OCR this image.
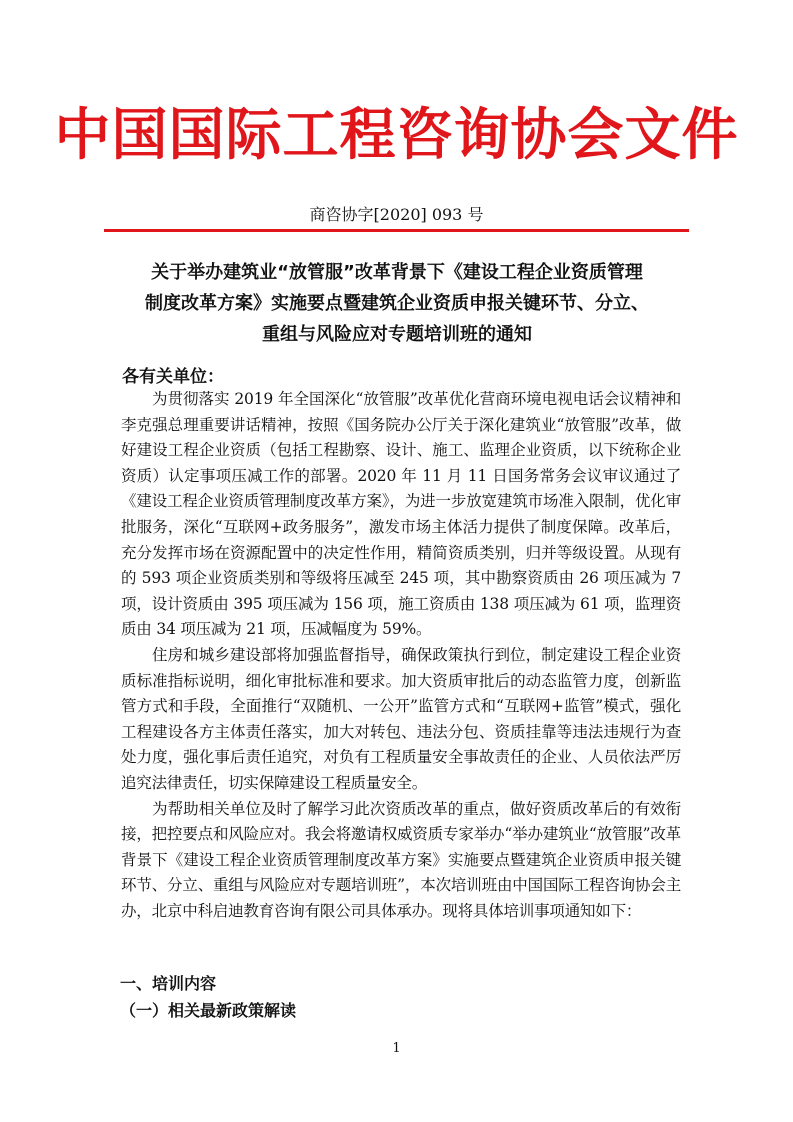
中国国际工程咨询协会文件
商咨协字[2020] 093 号
关于举办建筑业“放管服”改革背景下《建设工程企业资质管理
制度改革方案》实施要点暨建筑企业资质申报关键环节、分立、
重组与风险应对专题培训班的通知
各有关单位：

为贯彻落实 2019 年全国深化“放管服”改革优化营商环境电视电话会议精神和李克强总理重要讲话精神，按照《国务院办公厅关于深化建筑业“放管服”改革，做好建设工程企业资质（包括工程勘察、设计、施工、监理企业资质，以下统称企业资质）认定事项压减工作的部署。2020 年 11 月 11 日国务常务会议审议通过了《建设工程企业资质管理制度改革方案》，为进一步放宽建筑市场准入限制，优化审批服务，深化“互联网+政务服务”，激发市场主体活力提供了制度保障。改革后，充分发挥市场在资源配置中的决定性作用，精简资质类别，归并等级设置。从现有的 593 项企业资质类别和等级将压减至 245 项，其中勘察资质由 26 项压减为 7 项，设计资质由 395 项压减为 156 项，施工资质由 138 项压减为 61 项，监理资质由 34 项压减为 21 项，压减幅度为 59%。

住房和城乡建设部将加强监督指导，确保政策执行到位，制定建设工程企业资质标准指标说明，细化审批标准和要求。加大资质审批后的动态监管力度，创新监管方式和手段，全面推行“双随机、一公开”监管方式和“互联网+监管”模式，强化工程建设各方主体责任落实，加大对转包、违法分包、资质挂靠等违法违规行为查处力度，强化事后责任追究，对负有工程质量安全事故责任的企业、人员依法严厉追究法律责任，切实保障建设工程质量安全。

为帮助相关单位及时了解学习此次资质改革的重点，做好资质改革后的有效衔接，把控要点和风险应对。我会将邀请权威资质专家举办“举办建筑业“放管服”改革背景下《建设工程企业资质管理制度改革方案》实施要点暨建筑企业资质申报关键环节、分立、重组与风险应对专题培训班”，本次培训班由中国国际工程咨询协会主办，北京中科启迪教育咨询有限公司具体承办。现将具体培训事项通知如下：

一、培训内容
（一）相关最新政策解读
1
